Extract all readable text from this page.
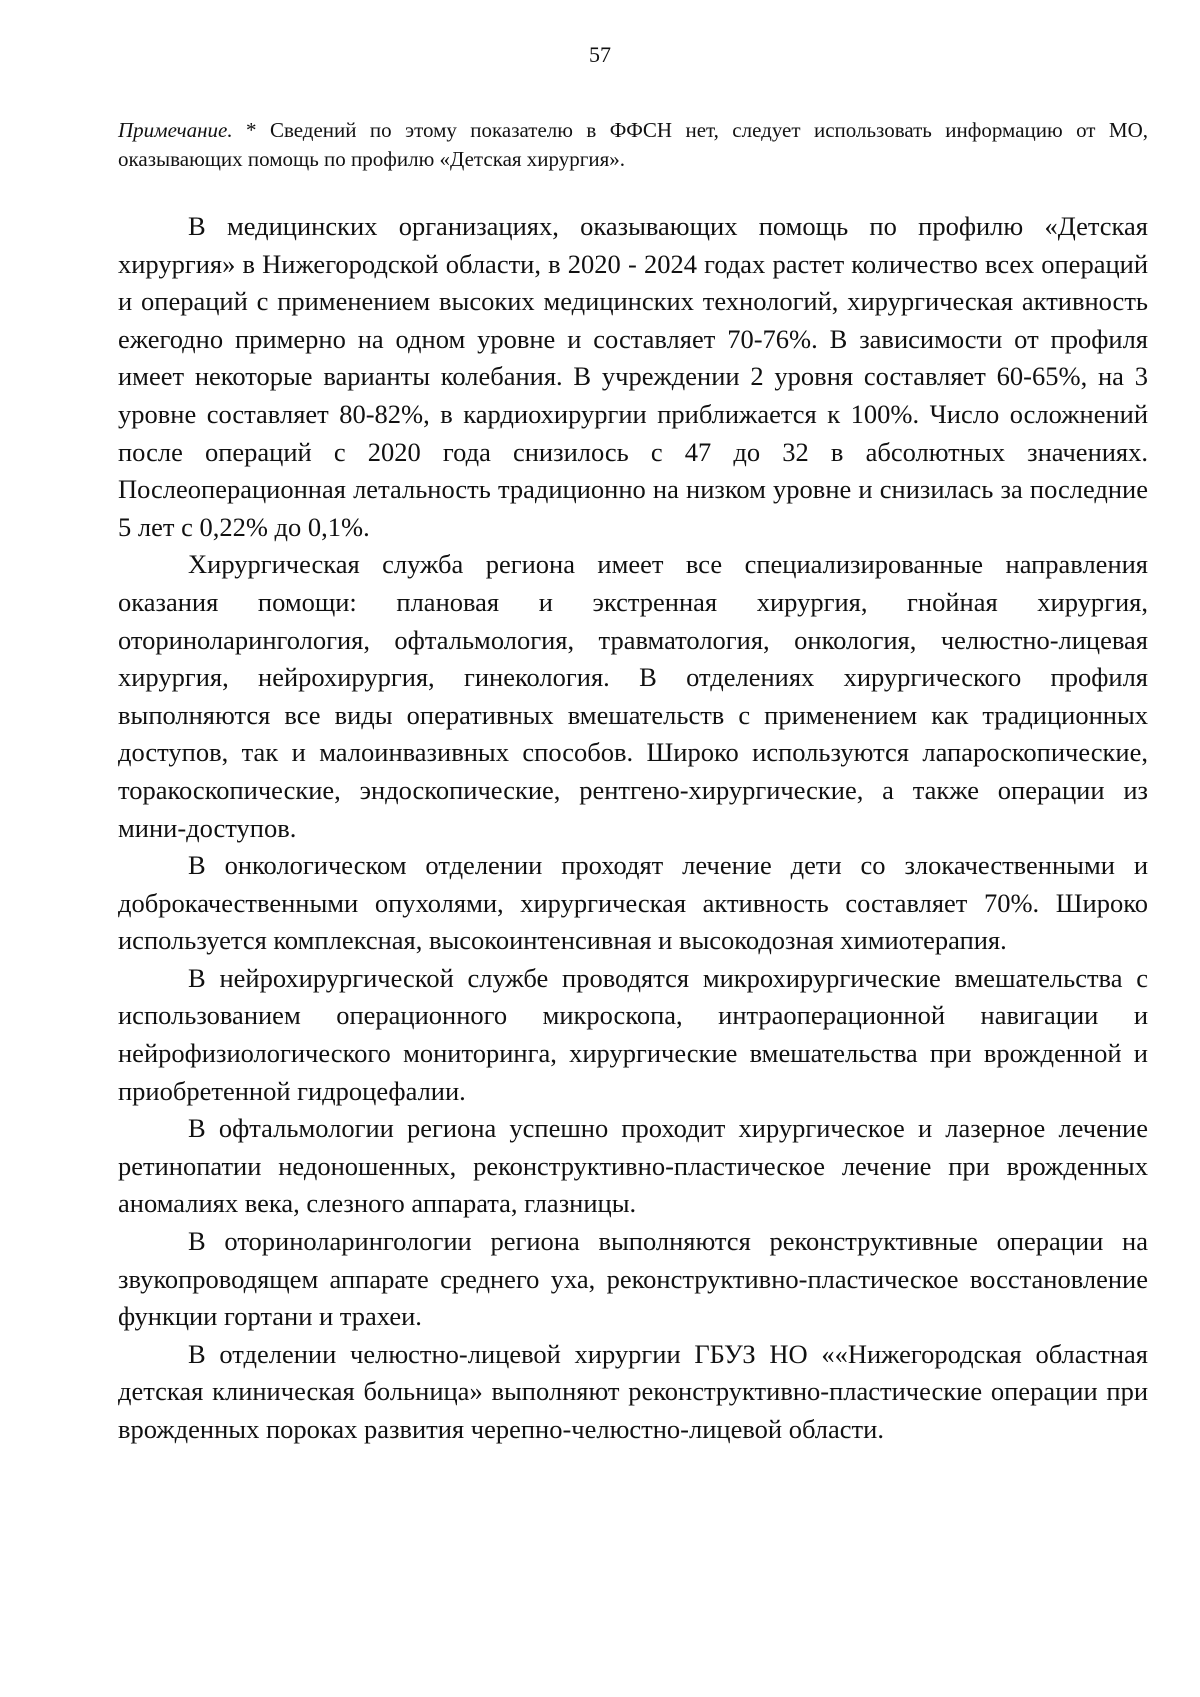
57
Примечание. * Сведений по этому показателю в ФФСН нет, следует использовать информацию от МО, оказывающих помощь по профилю «Детская хирургия».

В медицинских организациях, оказывающих помощь по профилю «Детская хирургия» в Нижегородской области, в 2020 - 2024 годах растет количество всех операций и операций с применением высоких медицинских технологий, хирургическая активность ежегодно примерно на одном уровне и составляет 70-76%. В зависимости от профиля имеет некоторые варианты колебания. В учреждении 2 уровня составляет 60-65%, на 3 уровне составляет 80-82%, в кардиохирургии приближается к 100%. Число осложнений после операций с 2020 года снизилось с 47 до 32 в абсолютных значениях. Послеоперационная летальность традиционно на низком уровне и снизилась за последние 5 лет с 0,22% до 0,1%.

Хирургическая служба региона имеет все специализированные направления оказания помощи: плановая и экстренная хирургия, гнойная хирургия, оториноларингология, офтальмология, травматология, онкология, челюстно-лицевая хирургия, нейрохирургия, гинекология. В отделениях хирургического профиля выполняются все виды оперативных вмешательств с применением как традиционных доступов, так и малоинвазивных способов. Широко используются лапароскопические, торакоскопические, эндоскопические, рентгено-хирургические, а также операции из мини-доступов.

В онкологическом отделении проходят лечение дети со злокачественными и доброкачественными опухолями, хирургическая активность составляет 70%. Широко используется комплексная, высокоинтенсивная и высокодозная химиотерапия.

В нейрохирургической службе проводятся микрохирургические вмешательства с использованием операционного микроскопа, интраоперационной навигации и нейрофизиологического мониторинга, хирургические вмешательства при врожденной и приобретенной гидроцефалии.

В офтальмологии региона успешно проходит хирургическое и лазерное лечение ретинопатии недоношенных, реконструктивно-пластическое лечение при врожденных аномалиях века, слезного аппарата, глазницы.

В оториноларингологии региона выполняются реконструктивные операции на звукопроводящем аппарате среднего уха, реконструктивно-пластическое восстановление функции гортани и трахеи.

В отделении челюстно-лицевой хирургии ГБУЗ НО ««Нижегородская областная детская клиническая больница» выполняют реконструктивно-пластические операции при врожденных пороках развития черепно-челюстно-лицевой области.
